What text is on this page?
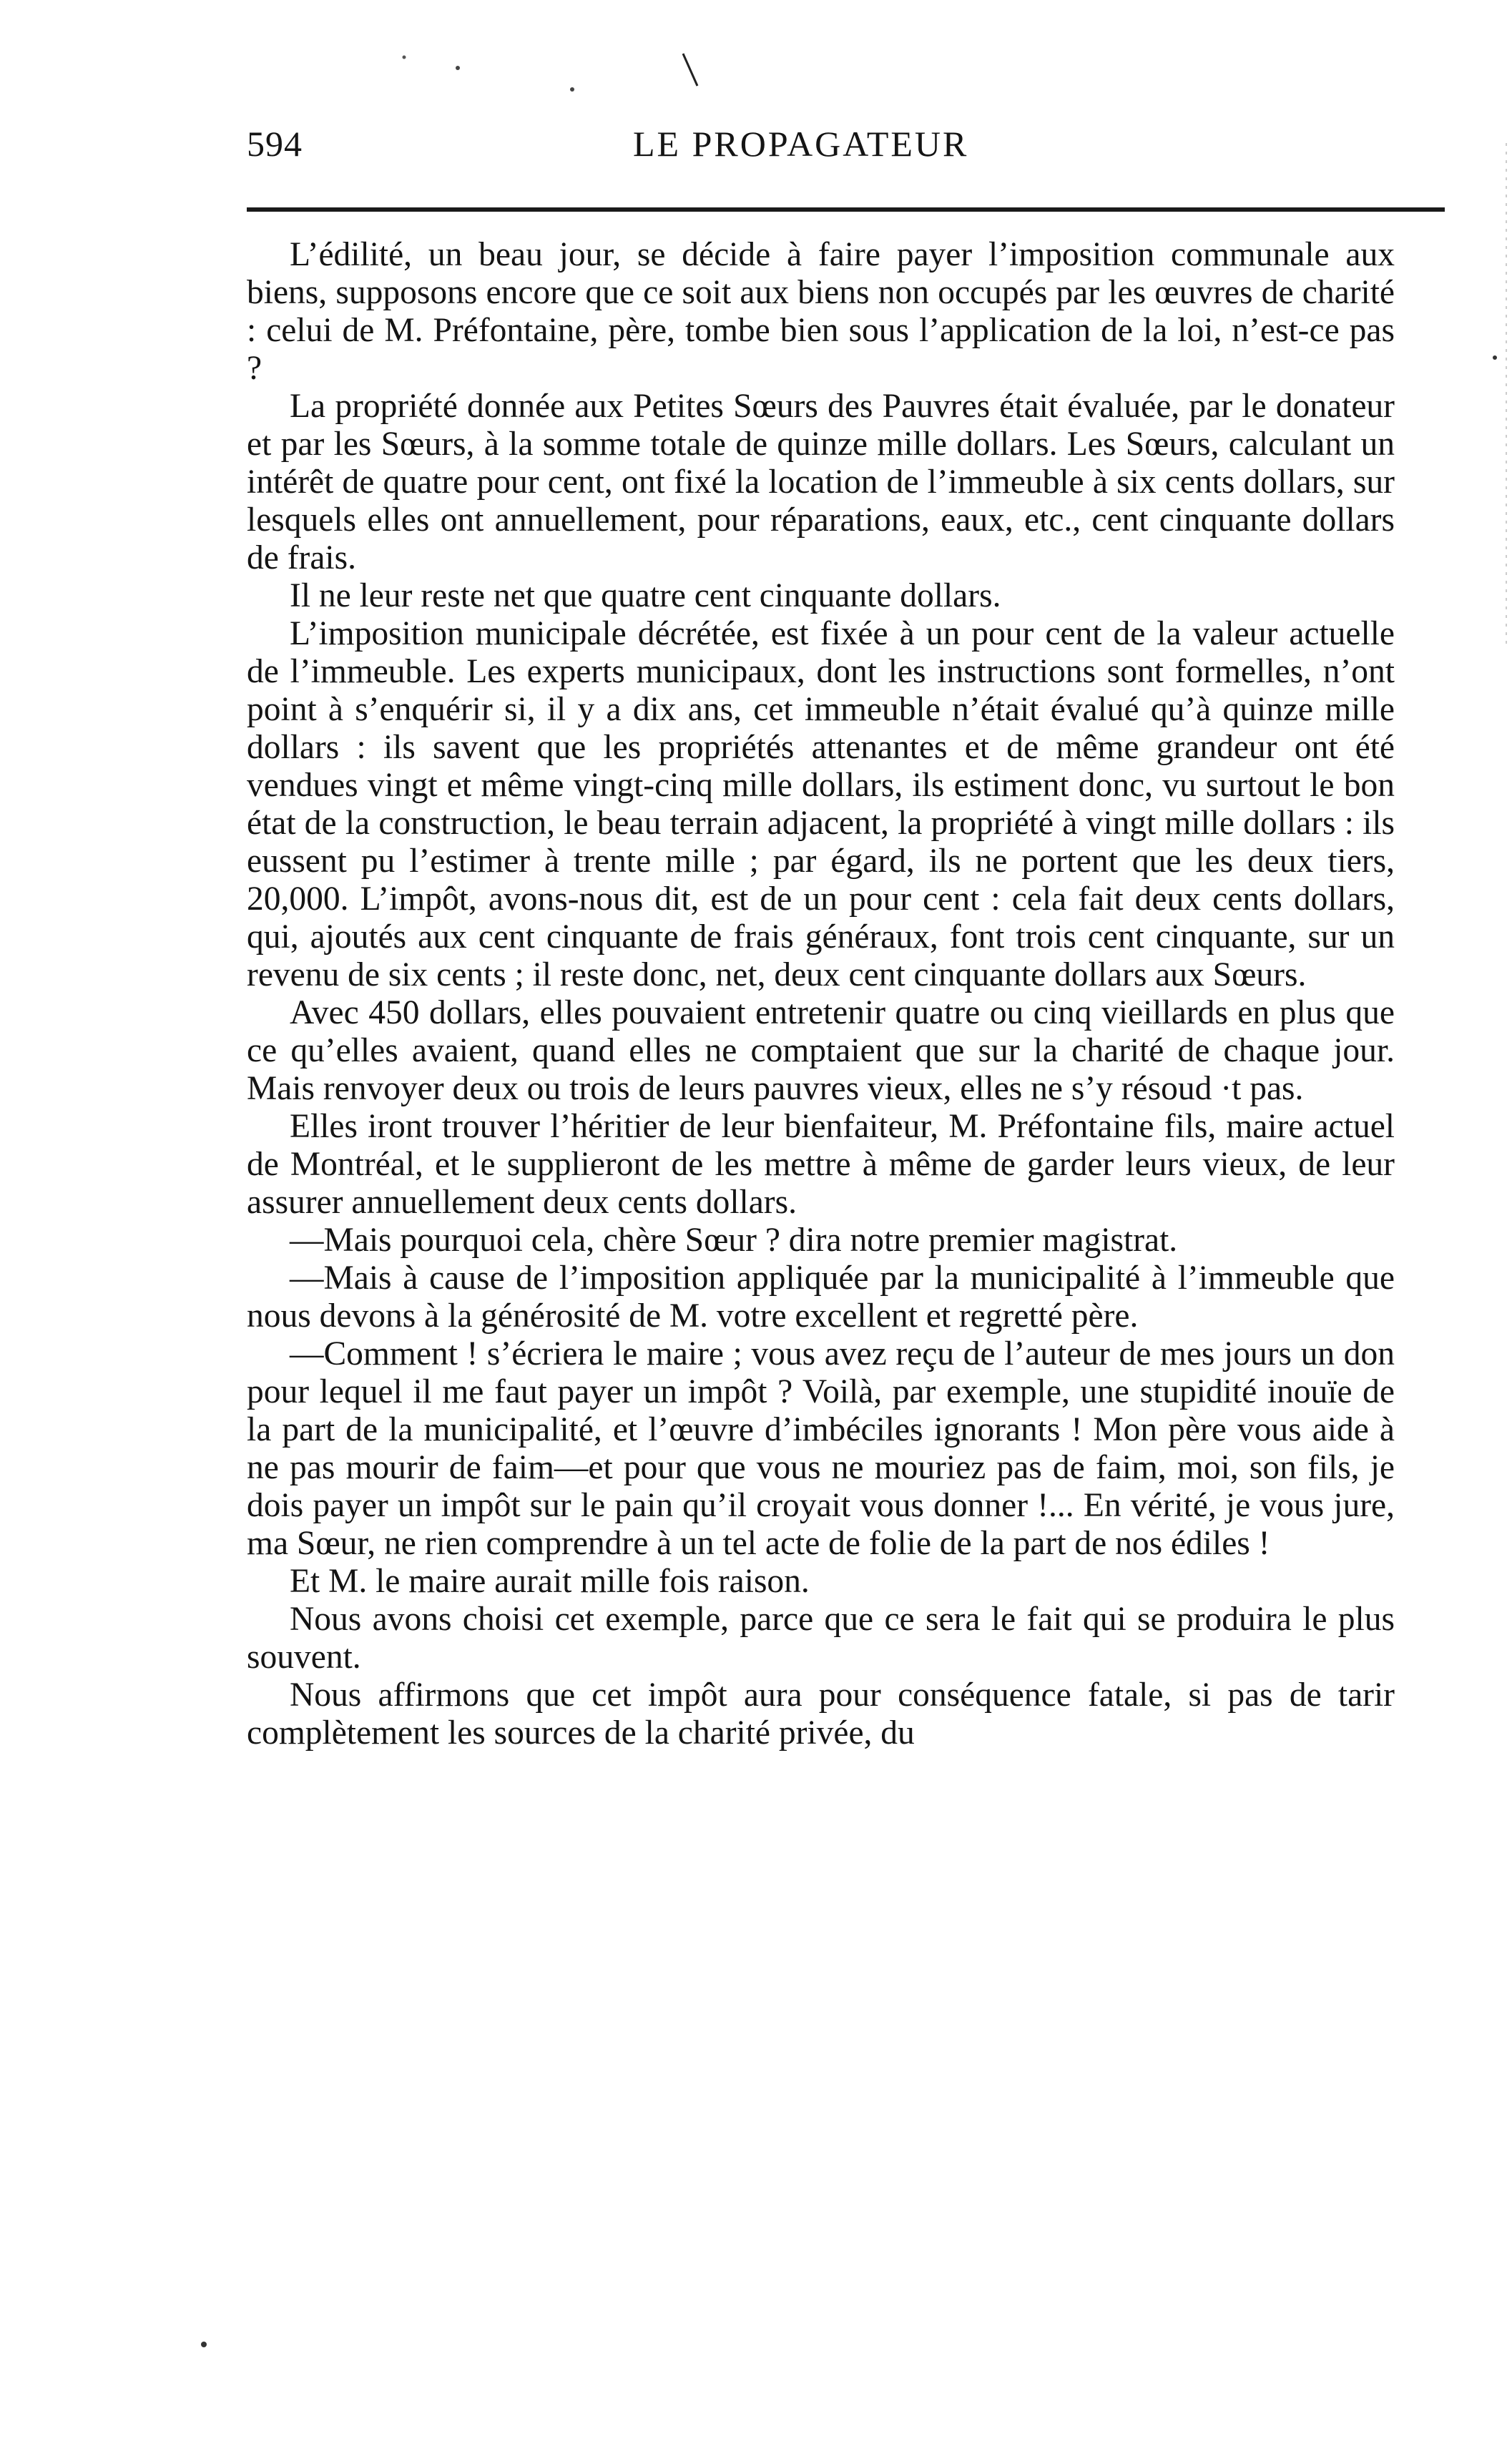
594	LE PROPAGATEUR

L’édilité, un beau jour, se décide à faire payer l’imposition communale aux biens, supposons encore que ce soit aux biens non occupés par les œuvres de charité : celui de M. Préfontaine, père, tombe bien sous l’application de la loi, n’est-ce pas ?

La propriété donnée aux Petites Sœurs des Pauvres était évaluée, par le donateur et par les Sœurs, à la somme totale de quinze mille dollars. Les Sœurs, calculant un intérêt de quatre pour cent, ont fixé la location de l’immeuble à six cents dollars, sur lesquels elles ont annuellement, pour réparations, eaux, etc., cent cinquante dollars de frais.

Il ne leur reste net que quatre cent cinquante dollars.

L’imposition municipale décrétée, est fixée à un pour cent de la valeur actuelle de l’immeuble. Les experts municipaux, dont les instructions sont formelles, n’ont point à s’enquérir si, il y a dix ans, cet immeuble n’était évalué qu’à quinze mille dollars : ils savent que les propriétés attenantes et de même grandeur ont été vendues vingt et même vingt-cinq mille dollars, ils estiment donc, vu surtout le bon état de la construction, le beau terrain adjacent, la propriété à vingt mille dollars : ils eussent pu l’estimer à trente mille ; par égard, ils ne portent que les deux tiers, 20,000. L’impôt, avons-nous dit, est de un pour cent : cela fait deux cents dollars, qui, ajoutés aux cent cinquante de frais généraux, font trois cent cinquante, sur un revenu de six cents ; il reste donc, net, deux cent cinquante dollars aux Sœurs.

Avec 450 dollars, elles pouvaient entretenir quatre ou cinq vieillards en plus que ce qu’elles avaient, quand elles ne comptaient que sur la charité de chaque jour. Mais renvoyer deux ou trois de leurs pauvres vieux, elles ne s’y résoud ·t pas.

Elles iront trouver l’héritier de leur bienfaiteur, M. Préfontaine fils, maire actuel de Montréal, et le supplieront de les mettre à même de garder leurs vieux, de leur assurer annuellement deux cents dollars.

—Mais pourquoi cela, chère Sœur ? dira notre premier magistrat.

—Mais à cause de l’imposition appliquée par la municipalité à l’immeuble que nous devons à la générosité de M. votre excellent et regretté père.

—Comment ! s’écriera le maire ; vous avez reçu de l’auteur de mes jours un don pour lequel il me faut payer un impôt ? Voilà, par exemple, une stupidité inouïe de la part de la municipalité, et l’œuvre d’imbéciles ignorants ! Mon père vous aide à ne pas mourir de faim—et pour que vous ne mouriez pas de faim, moi, son fils, je dois payer un impôt sur le pain qu’il croyait vous donner !... En vérité, je vous jure, ma Sœur, ne rien comprendre à un tel acte de folie de la part de nos édiles !

Et M. le maire aurait mille fois raison.

Nous avons choisi cet exemple, parce que ce sera le fait qui se produira le plus souvent.

Nous affirmons que cet impôt aura pour conséquence fatale, si pas de tarir complètement les sources de la charité privée, du
